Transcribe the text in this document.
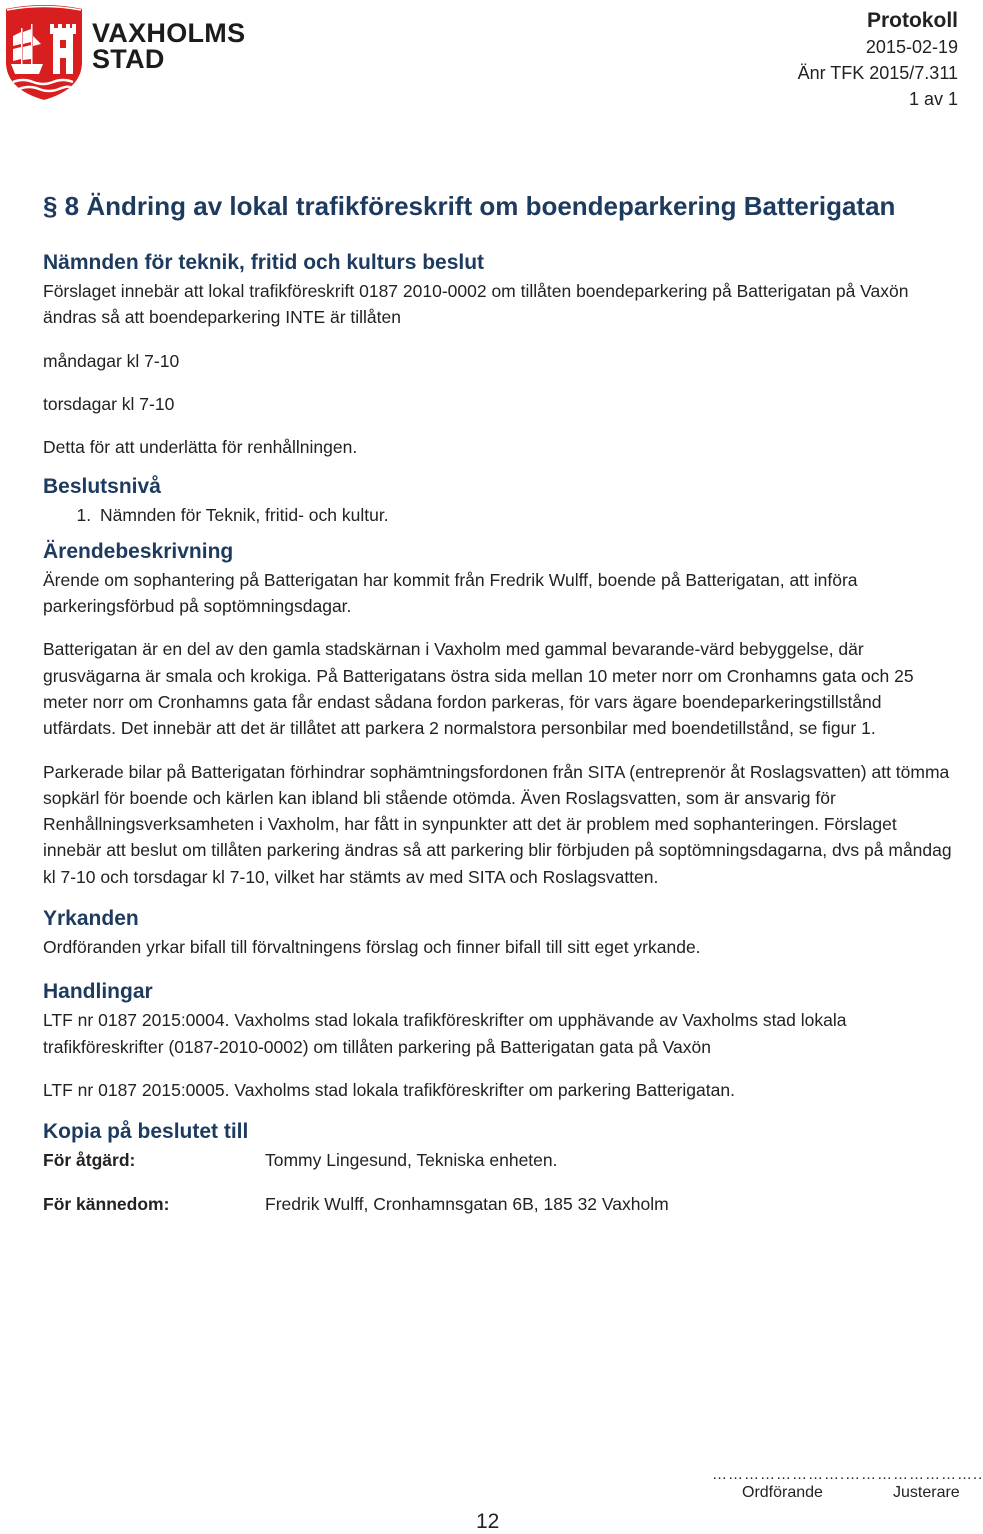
VAXHOLMS
STAD
Protokoll
2015-02-19
Änr TFK 2015/7.311
1 av 1
§ 8 Ändring av lokal trafikföreskrift om boendeparkering Batterigatan
Nämnden för teknik, fritid och kulturs beslut

Förslaget innebär att lokal trafikföreskrift 0187 2010-0002 om tillåten boendeparkering på Batterigatan på Vaxön ändras så att boendeparkering INTE är tillåten

måndagar kl 7-10

torsdagar kl 7-10

Detta för att underlätta för renhållningen.

Beslutsnivå
1. Nämnden för Teknik, fritid- och kultur.
Ärendebeskrivning

Ärende om sophantering på Batterigatan har kommit från Fredrik Wulff, boende på Batterigatan, att införa parkeringsförbud på soptömningsdagar.

Batterigatan är en del av den gamla stadskärnan i Vaxholm med gammal bevarande-värd bebyggelse, där grusvägarna är smala och krokiga. På Batterigatans östra sida mellan 10 meter norr om Cronhamns gata och 25 meter norr om Cronhamns gata får endast sådana fordon parkeras, för vars ägare boendeparkeringstillstånd utfärdats. Det innebär att det är tillåtet att parkera 2 normalstora personbilar med boendetillstånd, se figur 1.

Parkerade bilar på Batterigatan förhindrar sophämtningsfordonen från SITA (entreprenör åt Roslagsvatten) att tömma sopkärl för boende och kärlen kan ibland bli stående otömda. Även Roslagsvatten, som är ansvarig för Renhållningsverksamheten i Vaxholm, har fått in synpunkter att det är problem med sophanteringen. Förslaget innebär att beslut om tillåten parkering ändras så att parkering blir förbjuden på soptömningsdagarna, dvs på måndag kl 7-10 och torsdagar kl 7-10, vilket har stämts av med SITA och Roslagsvatten.

Yrkanden

Ordföranden yrkar bifall till förvaltningens förslag och finner bifall till sitt eget yrkande.

Handlingar

LTF nr 0187 2015:0004. Vaxholms stad lokala trafikföreskrifter om upphävande av Vaxholms stad lokala trafikföreskrifter (0187-2010-0002) om tillåten parkering på Batterigatan gata på Vaxön

LTF nr 0187 2015:0005. Vaxholms stad lokala trafikföreskrifter om parkering Batterigatan.

Kopia på beslutet till
För åtgärd:	Tommy Lingesund, Tekniska enheten.
För kännedom:	Fredrik Wulff, Cronhamnsgatan 6B, 185 32 Vaxholm
……………………. ……………………..
Ordförande	Justerare
12
